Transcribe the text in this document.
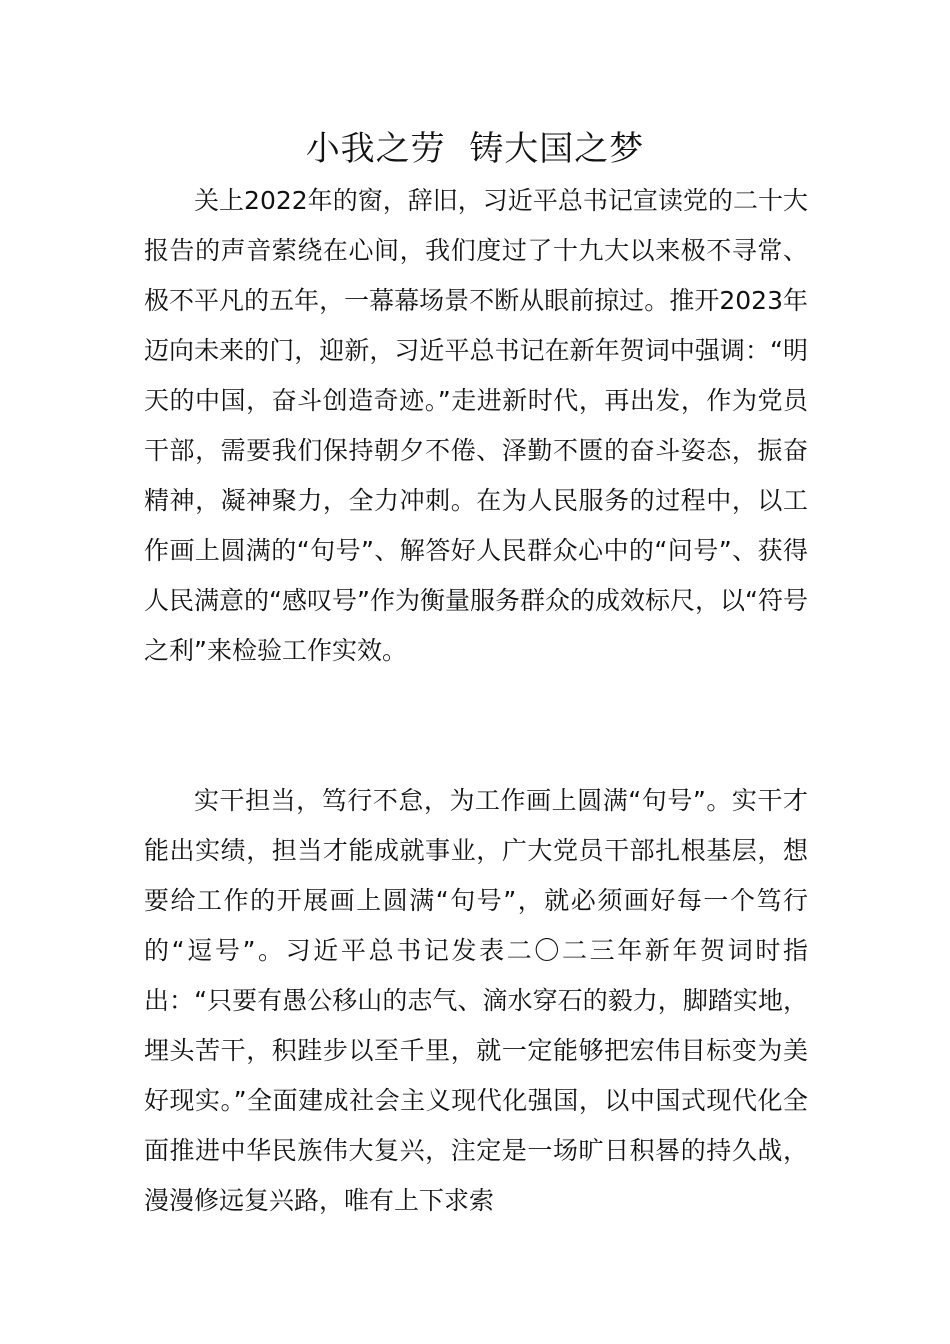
小我之劳  铸大国之梦

关上2022年的窗，辞旧，习近平总书记宣读党的二十大报告的声音萦绕在心间，我们度过了十九大以来极不寻常、极不平凡的五年，一幕幕场景不断从眼前掠过。推开2023年迈向未来的门，迎新，习近平总书记在新年贺词中强调：“明天的中国，奋斗创造奇迹。”走进新时代，再出发，作为党员干部，需要我们保持朝夕不倦、泽勤不匮的奋斗姿态，振奋精神，凝神聚力，全力冲刺。在为人民服务的过程中，以工作画上圆满的“句号”、解答好人民群众心中的“问号”、获得人民满意的“感叹号”作为衡量服务群众的成效标尺，以“符号之利”来检验工作实效。

实干担当，笃行不怠，为工作画上圆满“句号”。实干才能出实绩，担当才能成就事业，广大党员干部扎根基层，想要给工作的开展画上圆满“句号”，就必须画好每一个笃行的“逗号”。习近平总书记发表二〇二三年新年贺词时指出：“只要有愚公移山的志气、滴水穿石的毅力，脚踏实地，埋头苦干，积跬步以至千里，就一定能够把宏伟目标变为美好现实。”全面建成社会主义现代化强国，以中国式现代化全面推进中华民族伟大复兴，注定是一场旷日积晷的持久战，漫漫修远复兴路，唯有上下求索
